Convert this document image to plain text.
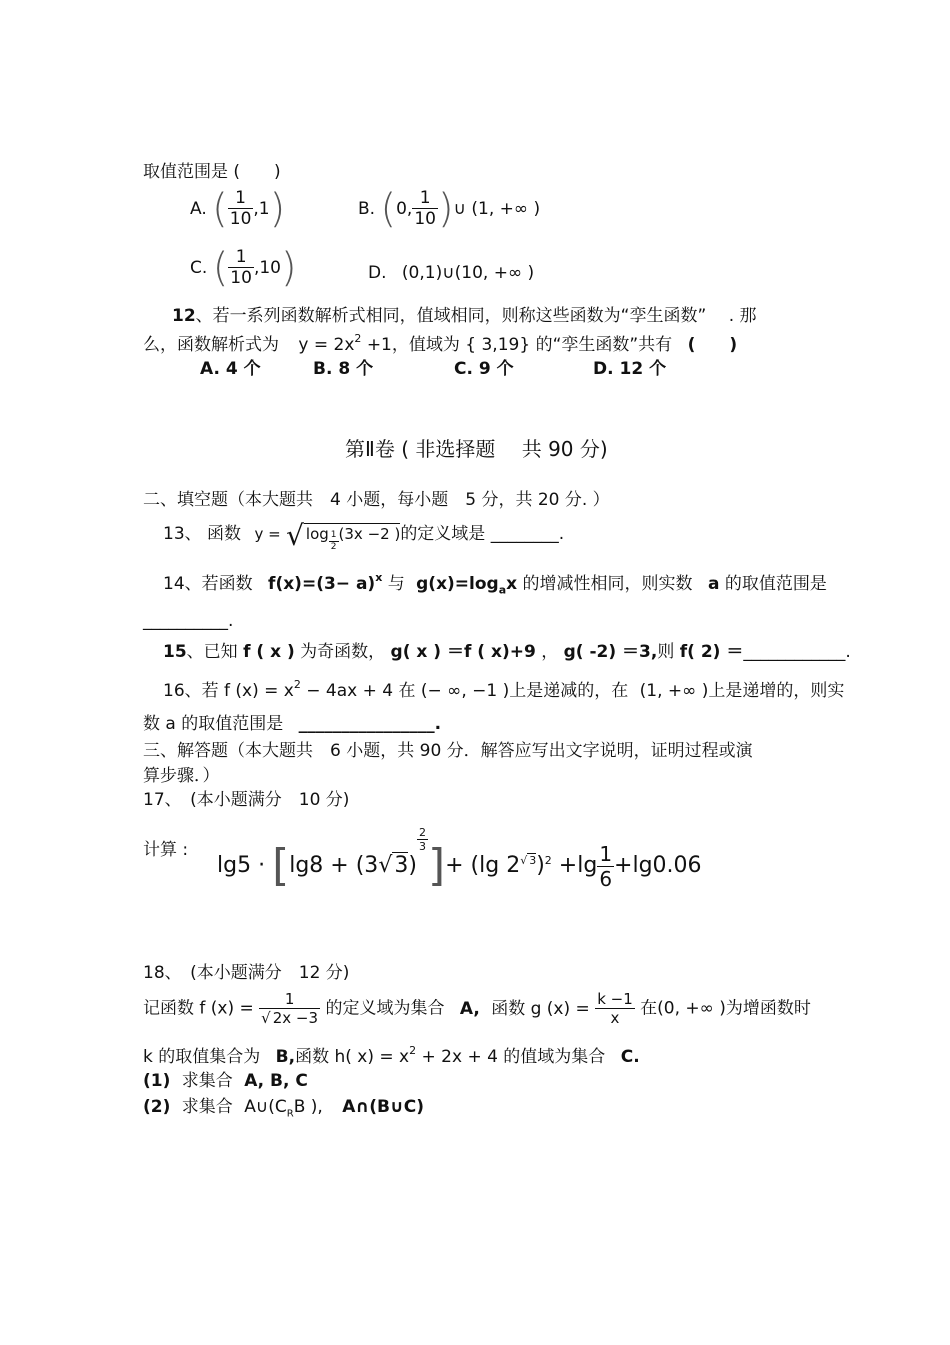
取值范围是 (　　)
A. ( $\frac{1}{10} ,1$)	B. (0, $\frac{1}{10}$ )∪ (1, +∞ )
C. ( $\frac{1}{10} ,10$)	D. (0,1)∪(10, +∞ )
12、若一系列函数解析式相同，值域相同，则称这些函数为“孪生函数”　 . 那
么，函数解析式为 $y = 2x^2 +1$，值域为 { 3,19} 的“孪生函数”共有 (　　)
A. 4 个	B. 8 个	C. 9 个	D. 12 个
第Ⅱ卷 ( 非选择题　 共 90 分)
二、填空题（本大题共　4 小题，每小题　5 分，共 20 分. ）
13、 函数 y = √ $\log \frac{1}{2} (3x -2$ )的定义域是 ________.
14、若函数 $f(x)=(3- a)^x$ 与 $g(x)=\log_ax$ 的增减性相同，则实数 a 的取值范围是
__________.
15、已知 f ( x ) 为奇函数， g( x ) ＝f ( x)+9 ， g( -2) ＝3,则 f( 2) ＝____________.
16、若 f $(x) = x^2 - 4ax + 4$ 在 (− ∞, −1 )上是递减的，在 (1, +∞ )上是递增的，则实
数 a 的取值范围是 ________________.
三、解答题（本大题共　6 小题，共 90 分．解答应写出文字说明，证明过程或演
算步骤．）
17、　(本小题满分　10 分)
计算 :
lg5 · [lg8 + (3√3)
$\frac{2}{3}$
]+ (lg 2√ $^3)^2 +\lg \frac{1}{6} +\lg 0.06$
18、　(本小题满分　12 分)
记函数 f $(x) = \frac{1}{√ 2x -3}$ 的定义域为集合 A, 函数 g $(x) = \frac{k -1}{x}$ 在(0, +∞ )为增函数时
k 的取值集合为 B,函数 h( $x) = x^2 + 2x + 4$ 的值域为集合 C.
(1) 求集合 A, B, C
(2) 求集合 $A\cup(C_RB$ ), A∩(B∪C)
